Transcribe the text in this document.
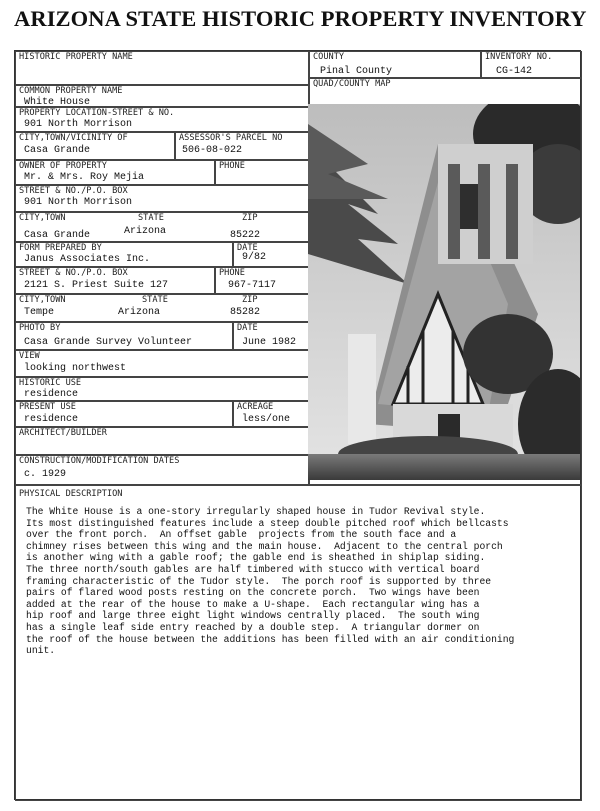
ARIZONA STATE HISTORIC PROPERTY INVENTORY
HISTORIC PROPERTY NAME	COUNTY
Pinal County
INVENTORY NO.
CG-142
QUAD/COUNTY MAP
COMMON PROPERTY NAME
White House
PROPERTY LOCATION-STREET & NO.
901 North Morrison
CITY,TOWN/VICINITY OF
Casa Grande
ASSESSOR'S PARCEL NO
506-08-022
OWNER OF PROPERTY
Mr. & Mrs. Roy Mejia
PHONE
STREET & NO./P.O. BOX
901 North Morrison
CITY,TOWN	STATE	ZIP
Casa Grande	Arizona	85222
FORM PREPARED BY
Janus Associates Inc.
DATE
9/82
STREET & NO./P.O. BOX
2121 S. Priest Suite 127
PHONE
967-7117
CITY,TOWN	STATE	ZIP
Tempe	Arizona	85282
PHOTO BY
Casa Grande Survey Volunteer
DATE
June 1982
VIEW
looking northwest
HISTORIC USE
residence
PRESENT USE
residence
ACREAGE
less/one
ARCHITECT/BUILDER
CONSTRUCTION/MODIFICATION DATES
c. 1929
PHYSICAL DESCRIPTION
The White House is a one-story irregularly shaped house in Tudor Revival style.
Its most distinguished features include a steep double pitched roof which bellcasts
over the front porch.  An offset gable  projects from the south face and a
chimney rises between this wing and the main house.  Adjacent to the central porch
is another wing with a gable roof; the gable end is sheathed in shiplap siding.
The three north/south gables are half timbered with stucco with vertical board
framing characteristic of the Tudor style.  The porch roof is supported by three
pairs of flared wood posts resting on the concrete porch.  Two wings have been
added at the rear of the house to make a U-shape.  Each rectangular wing has a
hip roof and large three eight light windows centrally placed.  The south wing
has a single leaf side entry reached by a double step.  A triangular dormer on
the roof of the house between the additions has been filled with an air conditioning
unit.
